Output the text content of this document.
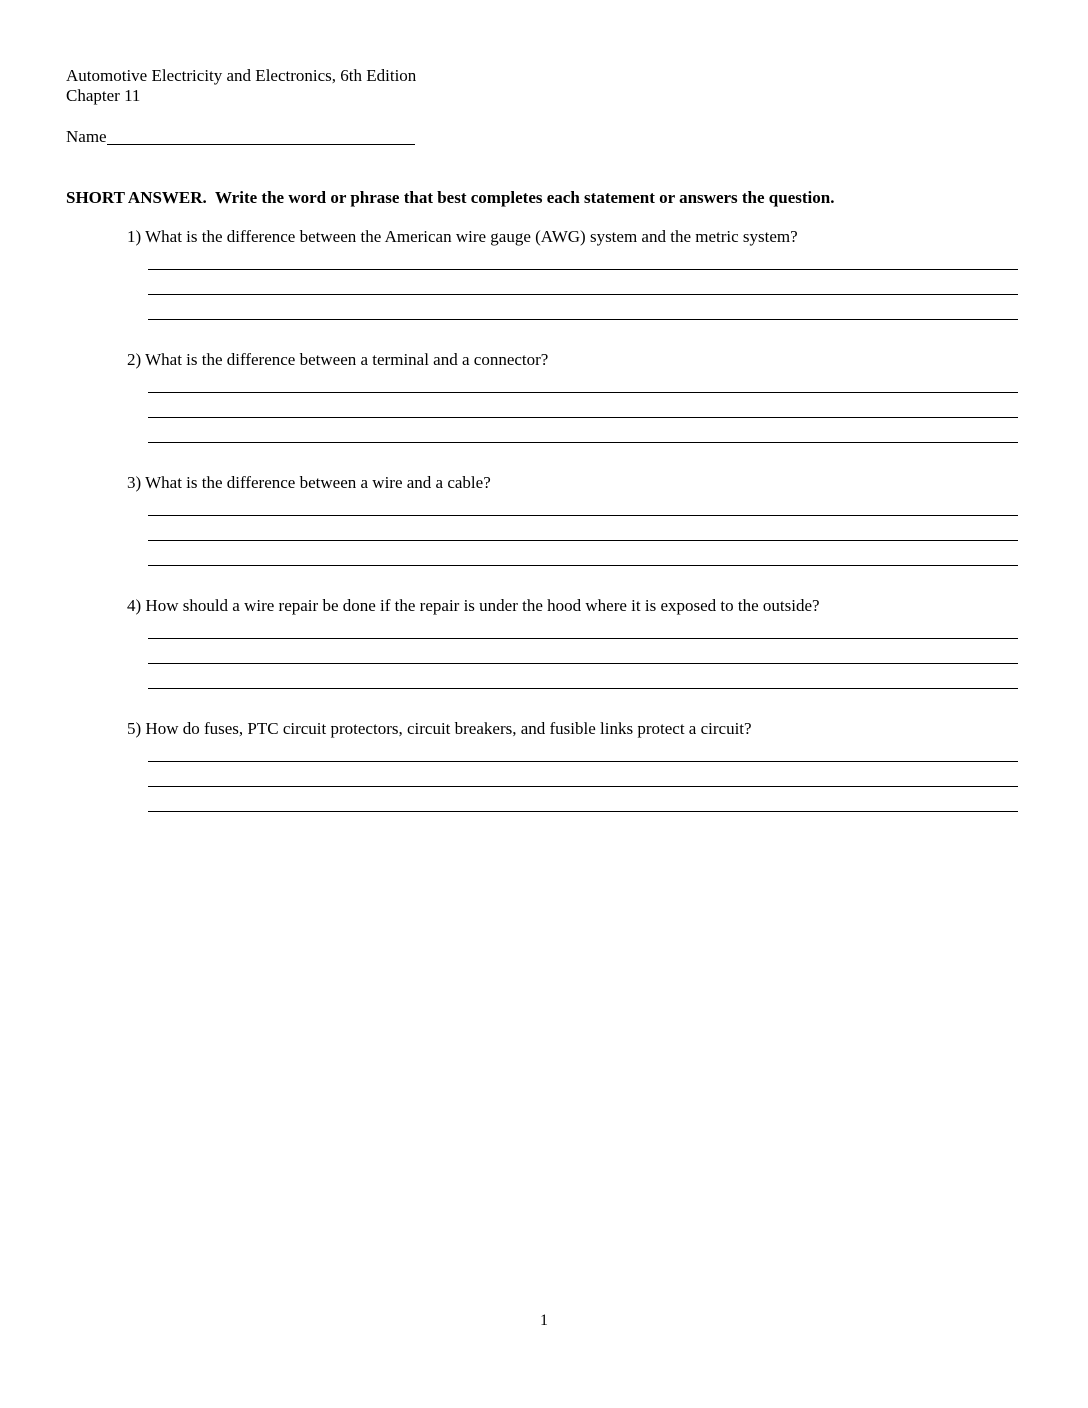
Automotive Electricity and Electronics, 6th Edition
Chapter 11
Name
SHORT ANSWER.  Write the word or phrase that best completes each statement or answers the question.
1) What is the difference between the American wire gauge (AWG) system and the metric system?
2) What is the difference between a terminal and a connector?
3) What is the difference between a wire and a cable?
4) How should a wire repair be done if the repair is under the hood where it is exposed to the outside?
5) How do fuses, PTC circuit protectors, circuit breakers, and fusible links protect a circuit?
1
